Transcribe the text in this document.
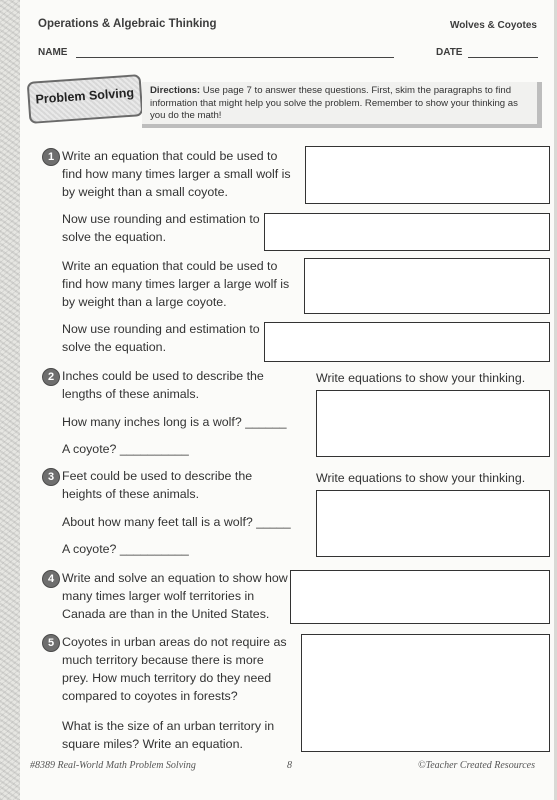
Operations & Algebraic Thinking	Wolves & Coyotes
NAME	DATE
Problem Solving	Directions: Use page 7 to answer these questions. First, skim the paragraphs to find information that might help you solve the problem. Remember to show your thinking as you do the math!
1 Write an equation that could be used to find how many times larger a small wolf is by weight than a small coyote.
Now use rounding and estimation to solve the equation.
Write an equation that could be used to find how many times larger a large wolf is by weight than a large coyote.
Now use rounding and estimation to solve the equation.
2 Inches could be used to describe the lengths of these animals.
How many inches long is a wolf? ______
A coyote? __________
Write equations to show your thinking.
3 Feet could be used to describe the heights of these animals.
About how many feet tall is a wolf? _____
A coyote? __________
Write equations to show your thinking.
4 Write and solve an equation to show how many times larger wolf territories in Canada are than in the United States.
5 Coyotes in urban areas do not require as much territory because there is more prey. How much territory do they need compared to coyotes in forests?
What is the size of an urban territory in square miles? Write an equation.
#8389 Real-World Math Problem Solving	8	©Teacher Created Resources
